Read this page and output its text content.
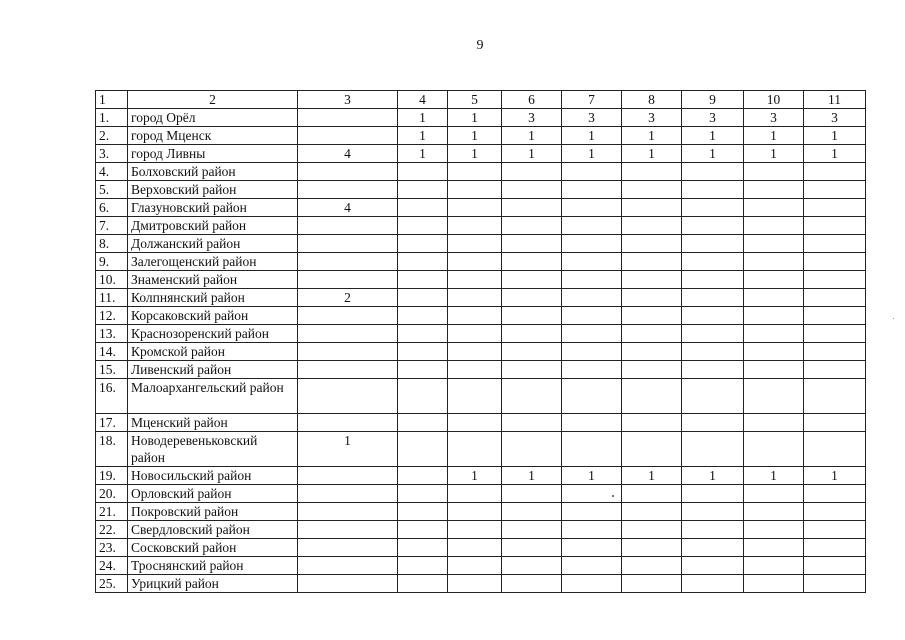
9
1	2	3	4	5	6	7	8	9	10	11
1.	город Орёл		1	1	3	3	3	3	3	3
2.	город Мценск		1	1	1	1	1	1	1	1
3.	город Ливны	4	1	1	1	1	1	1	1	1
4.	Болховский район									
5.	Верховский район									
6.	Глазуновский район	4								
7.	Дмитровский район									
8.	Должанский район									
9.	Залегощенский район									
10.	Знаменский район									
11.	Колпнянский район	2								
12.	Корсаковский район									
13.	Краснозоренский район									
14.	Кромской район									
15.	Ливенский район									
16.	Малоархангельский район									
17.	Мценский район									
18.	Новодеревеньковский район	1								
19.	Новосильский район			1	1	1	1	1	1	1
20.	Орловский район									
21.	Покровский район									
22.	Свердловский район									
23.	Сосковский район									
24.	Троснянский район									
25.	Урицкий район									
